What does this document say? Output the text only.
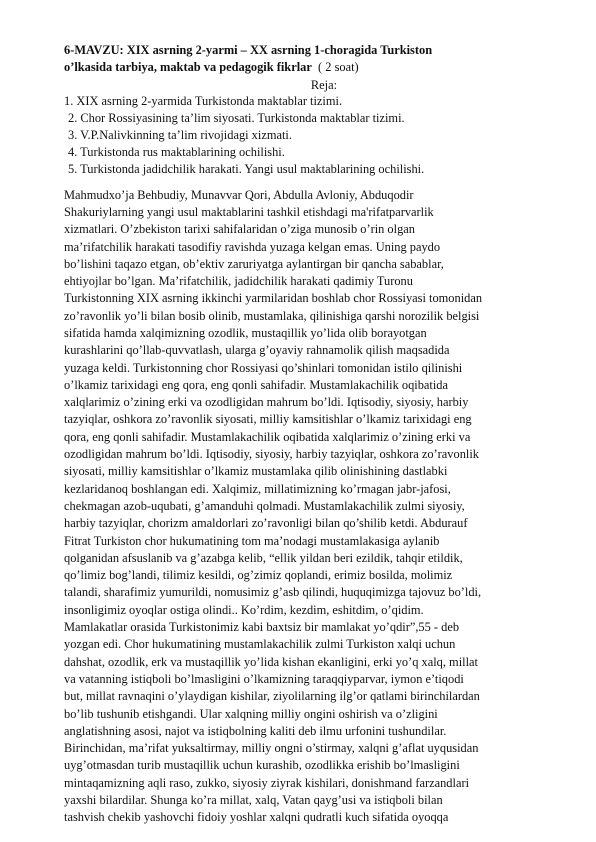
6-MAVZU: XIX asrning 2-yarmi – XX asrning 1-choragida Turkiston
o’lkasida tarbiya, maktab va pedagogik fikrlar ( 2 soat)
Reja:
1. XIX asrning 2-yarmida Turkistonda maktablar tizimi.
2. Chor Rossiyasining ta’lim siyosati. Turkistonda maktablar tizimi.
3. V.P.Nalivkinning ta’lim rivojidagi xizmati.
4. Turkistonda rus maktablarining ochilishi.
5. Turkistonda jadidchilik harakati. Yangi usul maktablarining ochilishi.
Mahmudxo’ja Behbudiy, Munavvar Qori, Abdulla Avloniy, Abduqodir
Shakuriylarning yangi usul maktablarini tashkil etishdagi ma'rifatparvarlik
xizmatlari. O’zbekiston tarixi sahifalaridan o’ziga munosib o’rin olgan
ma’rifatchilik harakati tasodifiy ravishda yuzaga kelgan emas. Uning paydo
bo’lishini taqazo etgan, ob’ektiv zaruriyatga aylantirgan bir qancha sabablar,
ehtiyojlar bo’lgan. Ma’rifatchilik, jadidchilik harakati qadimiy Turonu
Turkistonning XIX asrning ikkinchi yarmilaridan boshlab chor Rossiyasi tomonidan
zo’ravonlik yo’li bilan bosib olinib, mustamlaka, qilinishiga qarshi norozilik belgisi
sifatida hamda xalqimizning ozodlik, mustaqillik yo’lida olib borayotgan
kurashlarini qo’llab-quvvatlash, ularga g’oyaviy rahnamolik qilish maqsadida
yuzaga keldi. Turkistonning chor Rossiyasi qo’shinlari tomonidan istilo qilinishi
o’lkamiz tarixidagi eng qora, eng qonli sahifadir. Mustamlakachilik oqibatida
xalqlarimiz o’zining erki va ozodligidan mahrum bo’ldi. Iqtisodiy, siyosiy, harbiy
tazyiqlar, oshkora zo’ravonlik siyosati, milliy kamsitishlar o’lkamiz tarixidagi eng
qora, eng qonli sahifadir. Mustamlakachilik oqibatida xalqlarimiz o’zining erki va
ozodligidan mahrum bo’ldi. Iqtisodiy, siyosiy, harbiy tazyiqlar, oshkora zo’ravonlik
siyosati, milliy kamsitishlar o’lkamiz mustamlaka qilib olinishining dastlabki
kezlaridanoq boshlangan edi. Xalqimiz, millatimizning ko’rmagan jabr-jafosi,
chekmagan azob-uqubati, g’amanduhi qolmadi. Mustamlakachilik zulmi siyosiy,
harbiy tazyiqlar, chorizm amaldorlari zo’ravonligi bilan qo’shilib ketdi. Abdurauf
Fitrat Turkiston chor hukumatining tom ma’nodagi mustamlakasiga aylanib
qolganidan afsuslanib va g’azabga kelib, “ellik yildan beri ezildik, tahqir etildik,
qo’limiz bog’landi, tilimiz kesildi, og’zimiz qoplandi, erimiz bosilda, molimiz
talandi, sharafimiz yumurildi, nomusimiz g’asb qilindi, huquqimizga tajovuz bo’ldi,
insonligimiz oyoqlar ostiga olindi.. Ko’rdim, kezdim, eshitdim, o’qidim.
Mamlakatlar orasida Turkistonimiz kabi baxtsiz bir mamlakat yo’qdir”,55 - deb
yozgan edi. Chor hukumatining mustamlakachilik zulmi Turkiston xalqi uchun
dahshat, ozodlik, erk va mustaqillik yo’lida kishan ekanligini, erki yo’q xalq, millat
va vatanning istiqboli bo’lmasligini o’lkamizning taraqqiyparvar, iymon e’tiqodi
but, millat ravnaqini o’ylaydigan kishilar, ziyolilarning ilg’or qatlami birinchilardan
bo’lib tushunib etishgandi. Ular xalqning milliy ongini oshirish va o’zligini
anglatishning asosi, najot va istiqbolning kaliti deb ilmu urfonini tushundilar.
Birinchidan, ma’rifat yuksaltirmay, milliy ongni o’stirmay, xalqni g’aflat uyqusidan
uyg’otmasdan turib mustaqillik uchun kurashib, ozodlikka erishib bo’lmasligini
mintaqamizning aqli raso, zukko, siyosiy ziyrak kishilari, donishmand farzandlari
yaxshi bilardilar. Shunga ko’ra millat, xalq, Vatan qayg’usi va istiqboli bilan
tashvish chekib yashovchi fidoiy yoshlar xalqni qudratli kuch sifatida oyoqqa
